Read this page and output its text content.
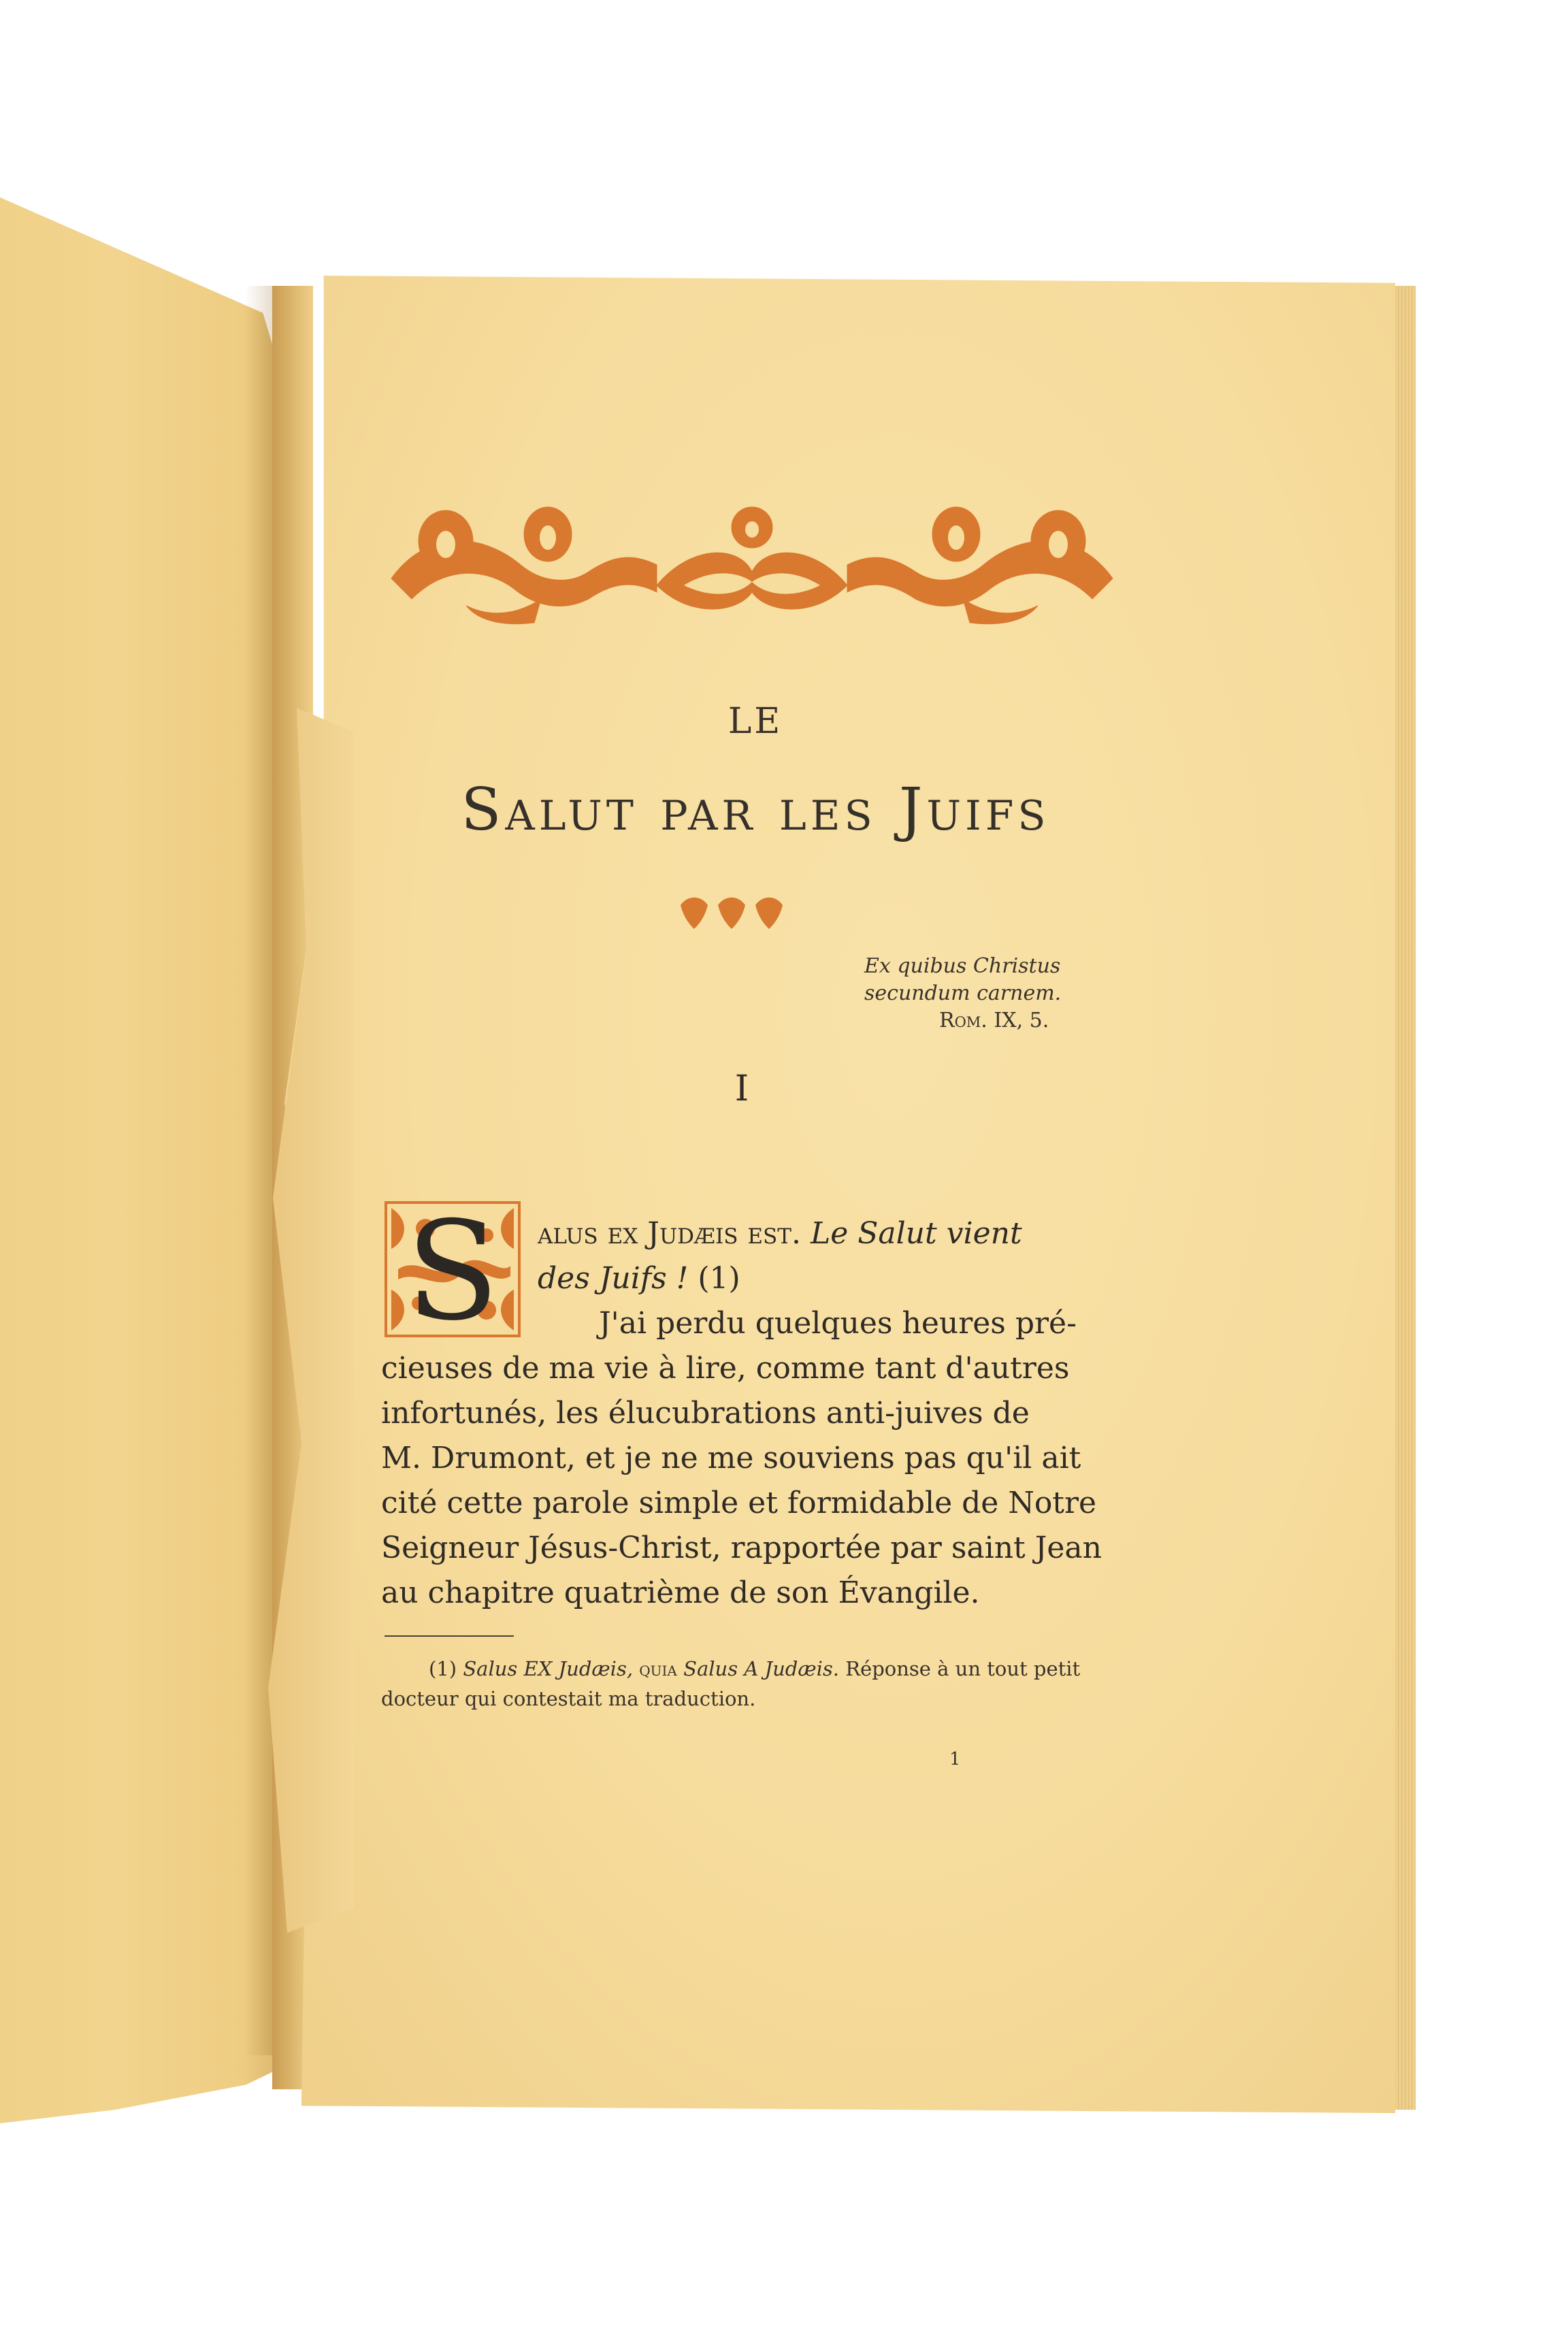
LE
Salut par les Juifs
Ex quibus Christus
secundum carnem.
Rom. IX, 5.
I
S	alus ex Judæis est. Le Salut vient
des Juifs ! (1)
J'ai perdu quelques heures pré-
cieuses de ma vie à lire, comme tant d'autres
infortunés, les élucubrations anti-juives de
M. Drumont, et je ne me souviens pas qu'il ait
cité cette parole simple et formidable de Notre
Seigneur Jésus-Christ, rapportée par saint Jean
au chapitre quatrième de son Évangile.
(1) Salus EX Judæis, quia Salus A Judæis. Réponse à un tout petit
docteur qui contestait ma traduction.
1
